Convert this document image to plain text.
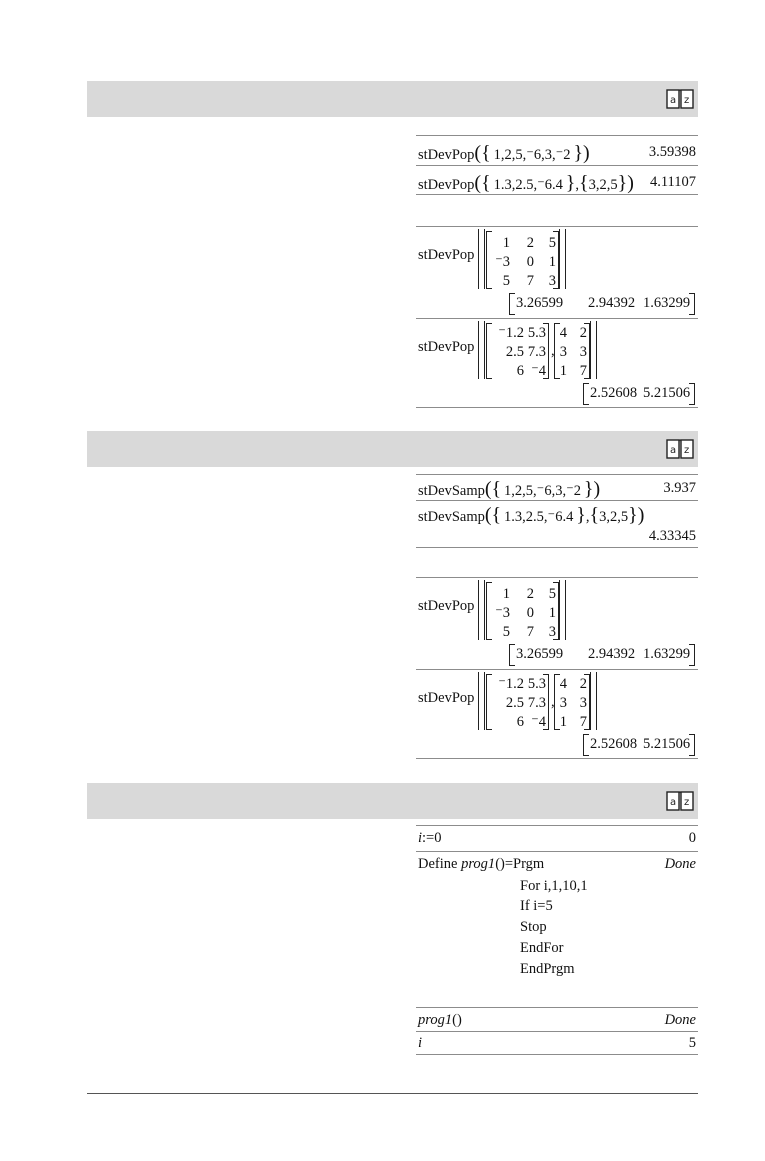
a z
stDevPop({  1,2,5,⁻6,3,⁻2  })	3.59398
stDevPop({  1.3,2.5,⁻6.4  },{3,2,5}) 4.11107
stDevPop
1	2	5
⁻3	0	1
5	7	3
3.26599 2.94392 1.63299
stDevPop
⁻1.2 5.3
2.5 7.3
6 ⁻4
,
4 2
3 3
1 7
2.52608 5.21506
a z
stDevSamp({  1,2,5,⁻6,3,⁻2  })	3.937
stDevSamp({  1.3,2.5,⁻6.4  },{3,2,5})
4.33345
stDevPop
1	2	5
⁻3	0	1
5	7	3
3.26599 2.94392 1.63299
stDevPop
⁻1.2 5.3
2.5 7.3
6 ⁻4
,
4 2
3 3
1 7
2.52608 5.21506
a z
i:=0	0
Define prog1()=Prgm	Done
For i,1,10,1
If i=5
Stop
EndFor
EndPrgm
prog1()	Done
i	5
